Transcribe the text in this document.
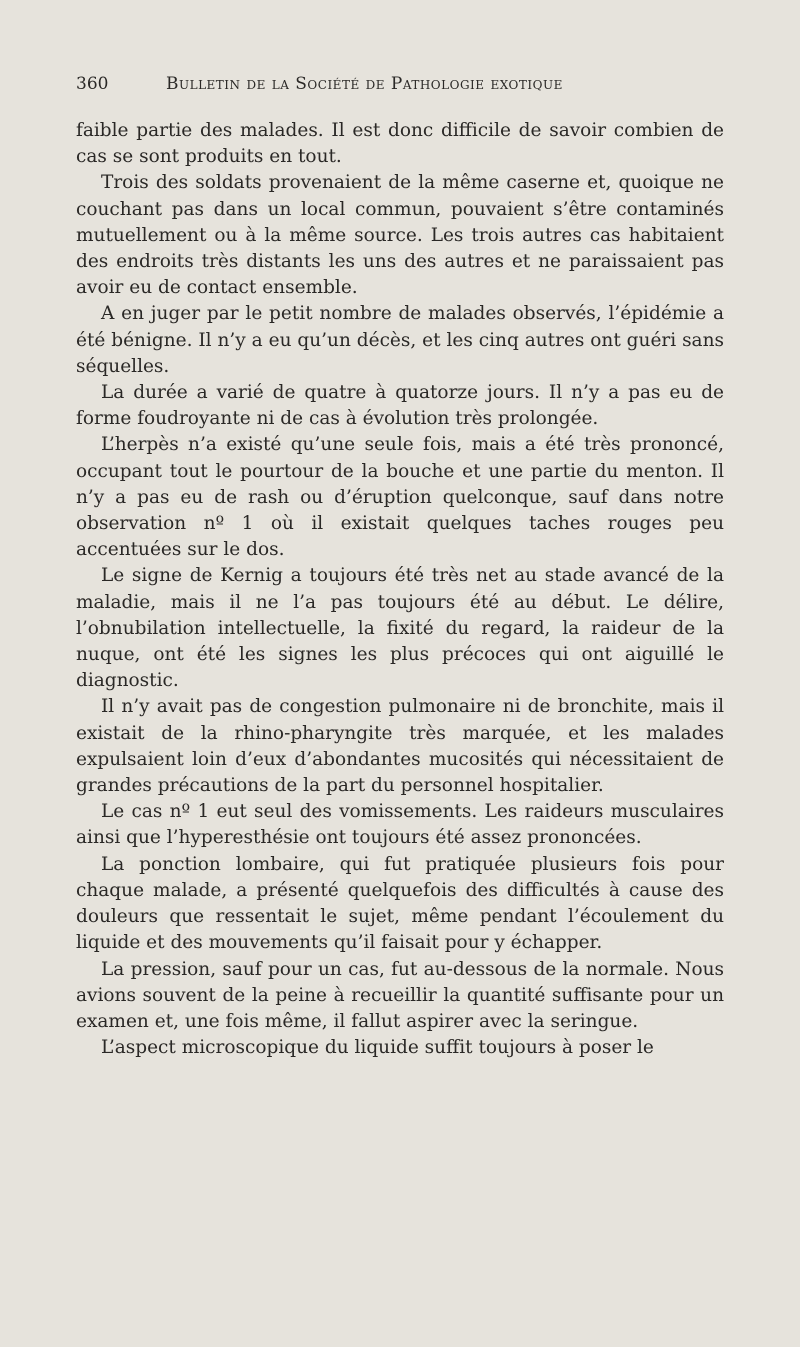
360	Bulletin de la Société de Pathologie exotique

faible partie des malades. Il est donc difficile de savoir combien de cas se sont produits en tout.

Trois des soldats provenaient de la même caserne et, quoique ne couchant pas dans un local commun, pouvaient s’être contaminés mutuellement ou à la même source. Les trois autres cas habitaient des endroits très distants les uns des autres et ne paraissaient pas avoir eu de contact ensemble.

A en juger par le petit nombre de malades observés, l’épidémie a été bénigne. Il n’y a eu qu’un décès, et les cinq autres ont guéri sans séquelles.

La durée a varié de quatre à quatorze jours. Il n’y a pas eu de forme foudroyante ni de cas à évolution très prolongée.

L’herpès n’a existé qu’une seule fois, mais a été très prononcé, occupant tout le pourtour de la bouche et une partie du menton. Il n’y a pas eu de rash ou d’éruption quelconque, sauf dans notre observation nº 1 où il existait quelques taches rouges peu accentuées sur le dos.

Le signe de Kernig a toujours été très net au stade avancé de la maladie, mais il ne l’a pas toujours été au début. Le délire, l’obnubilation intellectuelle, la fixité du regard, la raideur de la nuque, ont été les signes les plus précoces qui ont aiguillé le diagnostic.

Il n’y avait pas de congestion pulmonaire ni de bronchite, mais il existait de la rhino-pharyngite très marquée, et les malades expulsaient loin d’eux d’abondantes mucosités qui nécessitaient de grandes précautions de la part du personnel hospitalier.

Le cas nº 1 eut seul des vomissements. Les raideurs musculaires ainsi que l’hyperesthésie ont toujours été assez prononcées.

La ponction lombaire, qui fut pratiquée plusieurs fois pour chaque malade, a présenté quelquefois des difficultés à cause des douleurs que ressentait le sujet, même pendant l’écoulement du liquide et des mouvements qu’il faisait pour y échapper.

La pression, sauf pour un cas, fut au-dessous de la normale. Nous avions souvent de la peine à recueillir la quantité suffisante pour un examen et, une fois même, il fallut aspirer avec la seringue.

L’aspect microscopique du liquide suffit toujours à poser le
